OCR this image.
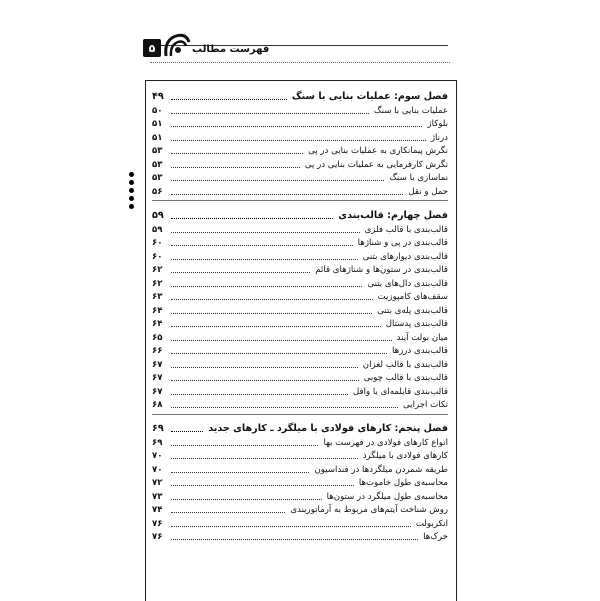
۵	فهرست مطالب
فصل سوم: عملیات بنایی با سنگ
۴۹
عملیات بنایی با سنگ
۵۰
بلوکاژ
۵۱
درناژ
۵۱
نگرش پیمانکاری به عملیات بنایی در پی
۵۳
نگرش کارفرمایی به عملیات بنایی در پی
۵۳
نماسازی با سنگ
۵۳
حمل و نقل
۵۶
فصل چهارم: قالب‌بندی
۵۹
قالب‌بندی با قالب فلزی
۵۹
قالب‌بندی در پی و شناژها
۶۰
قالب‌بندی دیوارهای بتنی
۶۰
قالب‌بندی در ستون‌ها و شناژهای قائم
۶۲
قالب‌بندی دال‌های بتنی
۶۲
سقف‌های کامپوزیت
۶۳
قالب‌بندی پله‌ی بتنی
۶۴
قالب‌بندی پدستال
۶۴
میان بولت آیند
۶۵
قالب‌بندی درزها
۶۶
قالب‌بندی با قالب لغزان
۶۷
قالب‌بندی با قالب چوبی
۶۷
قالب‌بندی قابلمه‌ای یا وافل
۶۷
نکات اجرایی
۶۸
فصل پنجم: کارهای فولادی با میلگرد ـ کارهای جدید
۶۹
انواع کارهای فولادی در فهرست بها
۶۹
کارهای فولادی با میلگرد
۷۰
طریقه شمردن میلگردها در فنداسیون
۷۰
محاسبه‌ی طول خاموت‌ها
۷۲
محاسبه‌ی طول میلگرد در ستون‌ها
۷۳
روش شناخت آیتم‌های مربوط به آرماتوربندی
۷۴
انکربولت
۷۶
خرک‌ها
۷۶
